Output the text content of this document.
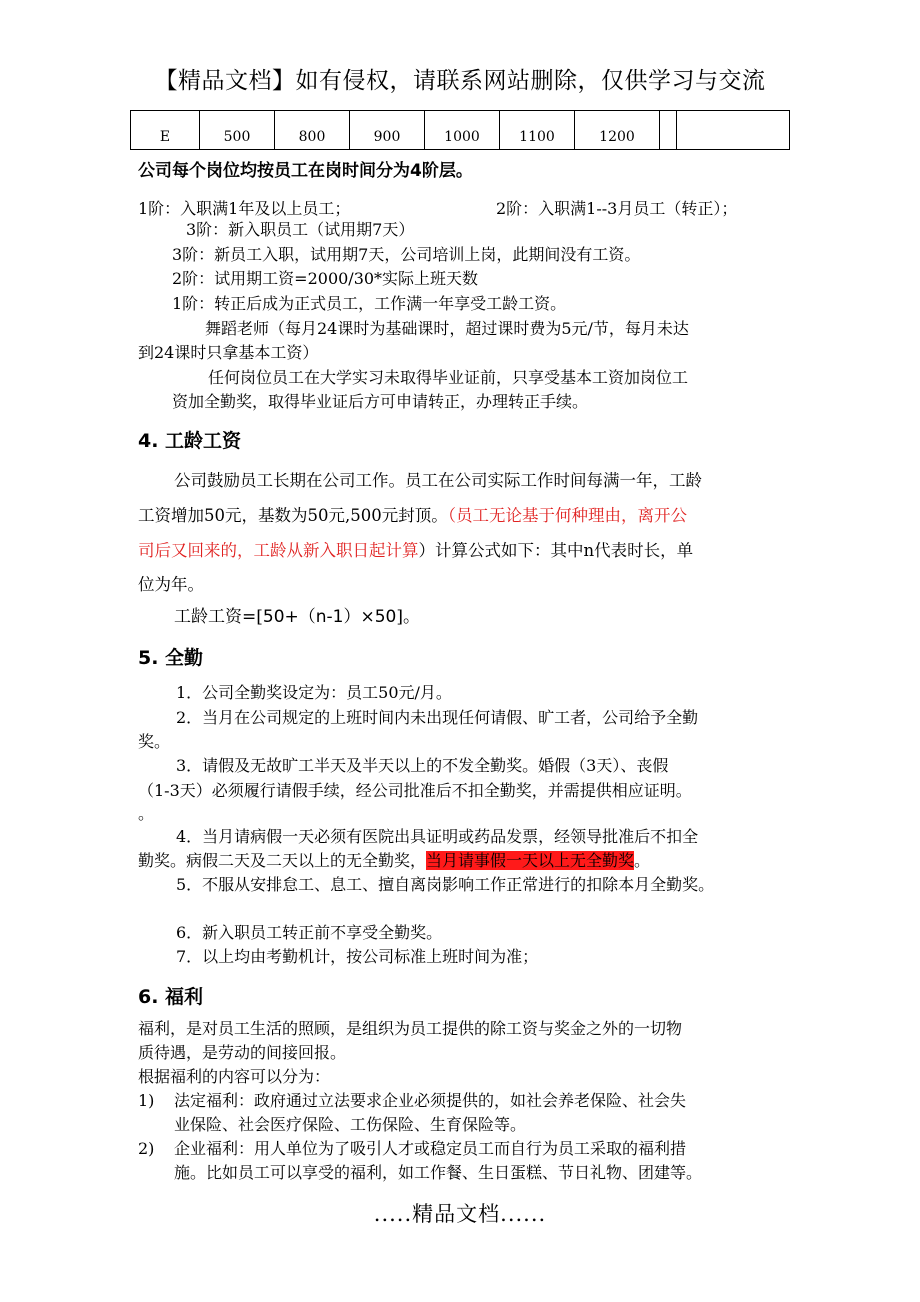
【精品文档】如有侵权，请联系网站删除，仅供学习与交流
E	500	800	900	1000	1100	1200		
公司每个岗位均按员工在岗时间分为4阶层。
1阶：入职满1年及以上员工；	2阶：入职满1--3月员工（转正）；
3阶：新入职员工（试用期7天）
3阶：新员工入职，试用期7天，公司培训上岗，此期间没有工资。
2阶：试用期工资=2000/30*实际上班天数
1阶：转正后成为正式员工，工作满一年享受工龄工资。
舞蹈老师（每月24课时为基础课时，超过课时费为5元/节，每月未达
到24课时只拿基本工资）
任何岗位员工在大学实习未取得毕业证前，只享受基本工资加岗位工
资加全勤奖，取得毕业证后方可申请转正，办理转正手续。
4. 工龄工资
公司鼓励员工长期在公司工作。员工在公司实际工作时间每满一年，工龄
工资增加50元，基数为50元,500元封顶。（员工无论基于何种理由，离开公
司后又回来的，工龄从新入职日起计算）计算公式如下：其中n代表时长，单
位为年。
工龄工资=[50+（n-1）×50]。
5. 全勤
1．公司全勤奖设定为：员工50元/月。
2．当月在公司规定的上班时间内未出现任何请假、旷工者，公司给予全勤
奖。
3．请假及无故旷工半天及半天以上的不发全勤奖。婚假（3天）、丧假
（1-3天）必须履行请假手续，经公司批准后不扣全勤奖，并需提供相应证明。
。
4．当月请病假一天必须有医院出具证明或药品发票，经领导批准后不扣全
勤奖。病假二天及二天以上的无全勤奖，当月请事假一天以上无全勤奖。
5．不服从安排怠工、息工、擅自离岗影响工作正常进行的扣除本月全勤奖。
6．新入职员工转正前不享受全勤奖。
7．以上均由考勤机计，按公司标准上班时间为准；
6. 福利
福利，是对员工生活的照顾，是组织为员工提供的除工资与奖金之外的一切物
质待遇，是劳动的间接回报。
根据福利的内容可以分为：
1) 法定福利：政府通过立法要求企业必须提供的，如社会养老保险、社会失
业保险、社会医疗保险、工伤保险、生育保险等。
2) 企业福利：用人单位为了吸引人才或稳定员工而自行为员工采取的福利措
施。比如员工可以享受的福利，如工作餐、生日蛋糕、节日礼物、团建等。
.....精品文档......
